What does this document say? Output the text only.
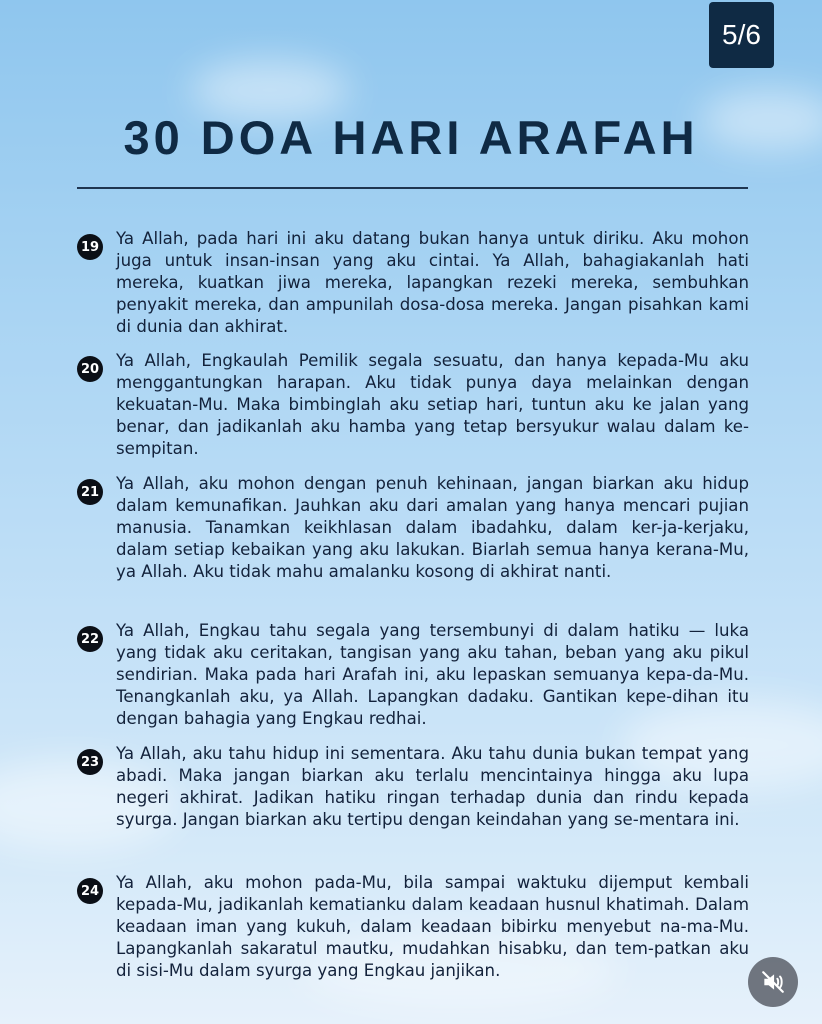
5/6
30 DOA HARI ARAFAH
19 Ya Allah, pada hari ini aku datang bukan hanya untuk diriku. Aku mohon juga untuk insan-insan yang aku cintai. Ya Allah, bahagiakanlah hati mereka, kuatkan jiwa mereka, lapangkan rezeki mereka, sembuhkan penyakit mereka, dan ampunilah dosa-dosa mereka. Jangan pisahkan kami di dunia dan akhirat.

20 Ya Allah, Engkaulah Pemilik segala sesuatu, dan hanya kepada-Mu aku menggantungkan harapan. Aku tidak punya daya melainkan dengan kekuatan-Mu. Maka bimbinglah aku setiap hari, tuntun aku ke jalan yang benar, dan jadikanlah aku hamba yang tetap bersyukur walau dalam ke-sempitan.

21 Ya Allah, aku mohon dengan penuh kehinaan, jangan biarkan aku hidup dalam kemunafikan. Jauhkan aku dari amalan yang hanya mencari pujian manusia. Tanamkan keikhlasan dalam ibadahku, dalam ker-ja-kerjaku, dalam setiap kebaikan yang aku lakukan. Biarlah semua hanya kerana-Mu, ya Allah. Aku tidak mahu amalanku kosong di akhirat nanti.

22 Ya Allah, Engkau tahu segala yang tersembunyi di dalam hatiku — luka yang tidak aku ceritakan, tangisan yang aku tahan, beban yang aku pikul sendirian. Maka pada hari Arafah ini, aku lepaskan semuanya kepa-da-Mu. Tenangkanlah aku, ya Allah. Lapangkan dadaku. Gantikan kepe-dihan itu dengan bahagia yang Engkau redhai.

23 Ya Allah, aku tahu hidup ini sementara. Aku tahu dunia bukan tempat yang abadi. Maka jangan biarkan aku terlalu mencintainya hingga aku lupa negeri akhirat. Jadikan hatiku ringan terhadap dunia dan rindu kepada syurga. Jangan biarkan aku tertipu dengan keindahan yang se-mentara ini.

24 Ya Allah, aku mohon pada-Mu, bila sampai waktuku dijemput kembali kepada-Mu, jadikanlah kematianku dalam keadaan husnul khatimah. Dalam keadaan iman yang kukuh, dalam keadaan bibirku menyebut na-ma-Mu. Lapangkanlah sakaratul mautku, mudahkan hisabku, dan tem-patkan aku di sisi-Mu dalam syurga yang Engkau janjikan.
